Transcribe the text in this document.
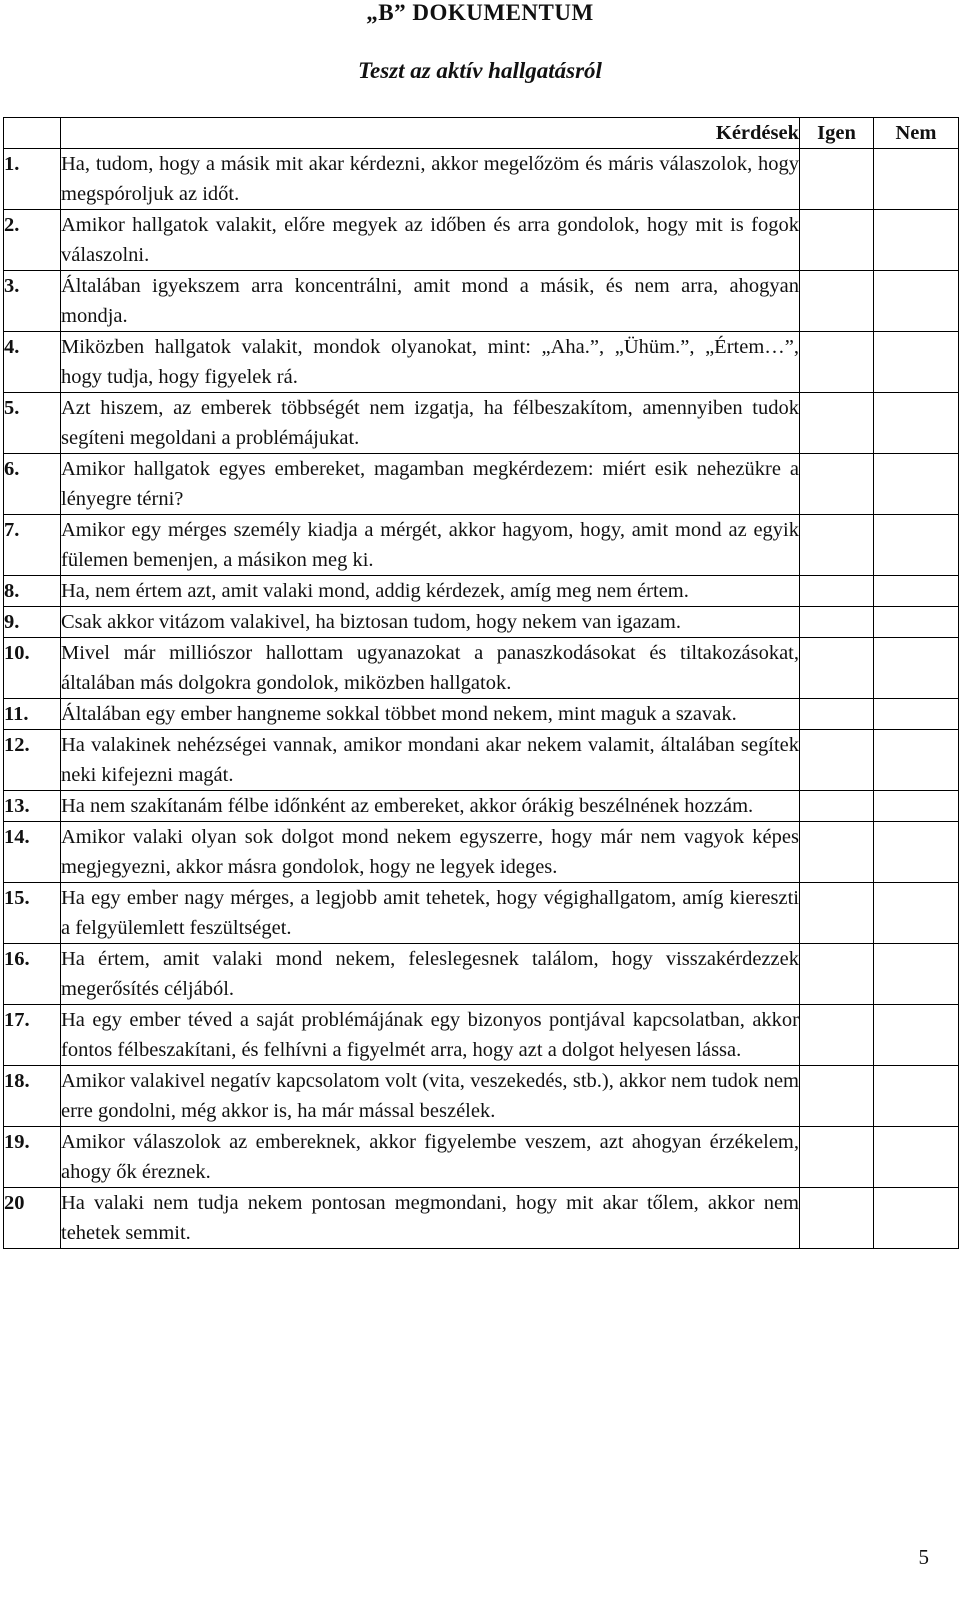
„B” DOKUMENTUM
Teszt az aktív hallgatásról
	Kérdések	Igen	Nem
1.	Ha, tudom, hogy a másik mit akar kérdezni, akkor megelőzöm és máris válaszolok, hogy megspóroljuk az időt.		
2.	Amikor hallgatok valakit, előre megyek az időben és arra gondolok, hogy mit is fogok válaszolni.		
3.	Általában igyekszem arra koncentrálni, amit mond a másik, és nem arra, ahogyan mondja.		
4.	Miközben hallgatok valakit, mondok olyanokat, mint: „Aha.”, „Ühüm.”, „Értem…”, hogy tudja, hogy figyelek rá.		
5.	Azt hiszem, az emberek többségét nem izgatja, ha félbeszakítom, amennyiben tudok segíteni megoldani a problémájukat.		
6.	Amikor hallgatok egyes embereket, magamban megkérdezem: miért esik nehezükre a lényegre térni?		
7.	Amikor egy mérges személy kiadja a mérgét, akkor hagyom, hogy, amit mond az egyik fülemen bemenjen, a másikon meg ki.		
8.	Ha, nem értem azt, amit valaki mond, addig kérdezek, amíg meg nem értem.		
9.	Csak akkor vitázom valakivel, ha biztosan tudom, hogy nekem van igazam.		
10.	Mivel már milliószor hallottam ugyanazokat a panaszkodásokat és tiltakozásokat, általában más dolgokra gondolok, miközben hallgatok.		
11.	Általában egy ember hangneme sokkal többet mond nekem, mint maguk a szavak.		
12.	Ha valakinek nehézségei vannak, amikor mondani akar nekem valamit, általában segítek neki kifejezni magát.		
13.	Ha nem szakítanám félbe időnként az embereket, akkor órákig beszélnének hozzám.		
14.	Amikor valaki olyan sok dolgot mond nekem egyszerre, hogy már nem vagyok képes megjegyezni, akkor másra gondolok, hogy ne legyek ideges.		
15.	Ha egy ember nagy mérges, a legjobb amit tehetek, hogy végighallgatom, amíg kiereszti a felgyülemlett feszültséget.		
16.	Ha értem, amit valaki mond nekem, feleslegesnek találom, hogy visszakérdezzek megerősítés céljából.		
17.	Ha egy ember téved a saját problémájának egy bizonyos pontjával kapcsolatban, akkor fontos félbeszakítani, és felhívni a figyelmét arra, hogy azt a dolgot helyesen lássa.		
18.	Amikor valakivel negatív kapcsolatom volt (vita, veszekedés, stb.), akkor nem tudok nem erre gondolni, még akkor is, ha már mással beszélek.		
19.	Amikor válaszolok az embereknek, akkor figyelembe veszem, azt ahogyan érzékelem, ahogy ők éreznek.		
20	Ha valaki nem tudja nekem pontosan megmondani, hogy mit akar tőlem, akkor nem tehetek semmit.		
5
